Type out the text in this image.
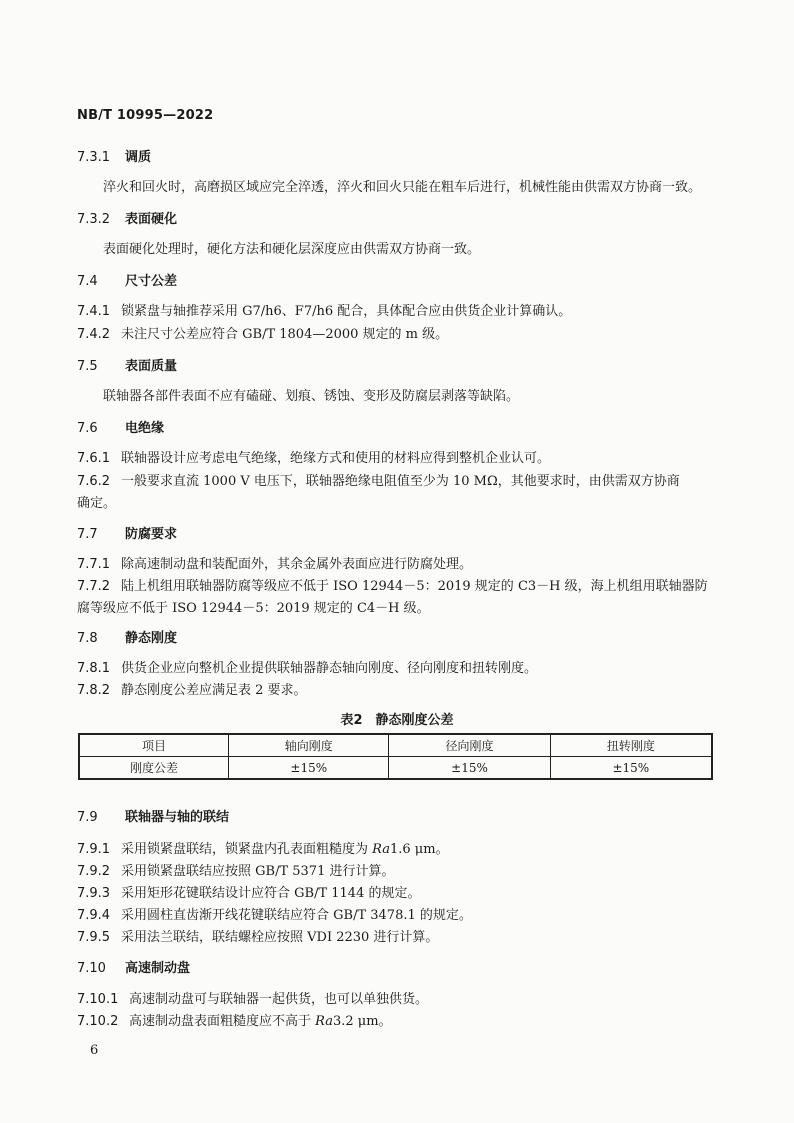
NB/T 10995—2022
7.3.1 调质
淬火和回火时，高磨损区域应完全淬透，淬火和回火只能在粗车后进行，机械性能由供需双方协商一致。
7.3.2 表面硬化
表面硬化处理时，硬化方法和硬化层深度应由供需双方协商一致。
7.4 尺寸公差
7.4.1 锁紧盘与轴推荐采用 G7/h6、F7/h6 配合，具体配合应由供货企业计算确认。
7.4.2 未注尺寸公差应符合 GB/T 1804—2000 规定的 m 级。
7.5 表面质量
联轴器各部件表面不应有磕碰、划痕、锈蚀、变形及防腐层剥落等缺陷。
7.6 电绝缘
7.6.1 联轴器设计应考虑电气绝缘，绝缘方式和使用的材料应得到整机企业认可。
7.6.2 一般要求直流 1000 V 电压下，联轴器绝缘电阻值至少为 10 MΩ，其他要求时，由供需双方协商
确定。
7.7 防腐要求
7.7.1 除高速制动盘和装配面外，其余金属外表面应进行防腐处理。
7.7.2 陆上机组用联轴器防腐等级应不低于 ISO 12944－5：2019 规定的 C3－H 级，海上机组用联轴器防
腐等级应不低于 ISO 12944－5：2019 规定的 C4－H 级。
7.8 静态刚度
7.8.1 供货企业应向整机企业提供联轴器静态轴向刚度、径向刚度和扭转刚度。
7.8.2 静态刚度公差应满足表 2 要求。
表2　静态刚度公差
项目	轴向刚度	径向刚度	扭转刚度
刚度公差	±15%	±15%	±15%
7.9 联轴器与轴的联结
7.9.1 采用锁紧盘联结，锁紧盘内孔表面粗糙度为 Ra1.6 μm。
7.9.2 采用锁紧盘联结应按照 GB/T 5371 进行计算。
7.9.3 采用矩形花键联结设计应符合 GB/T 1144 的规定。
7.9.4 采用圆柱直齿渐开线花键联结应符合 GB/T 3478.1 的规定。
7.9.5 采用法兰联结，联结螺栓应按照 VDI 2230 进行计算。
7.10 高速制动盘
7.10.1 高速制动盘可与联轴器一起供货，也可以单独供货。
7.10.2 高速制动盘表面粗糙度应不高于 Ra3.2 μm。
6
